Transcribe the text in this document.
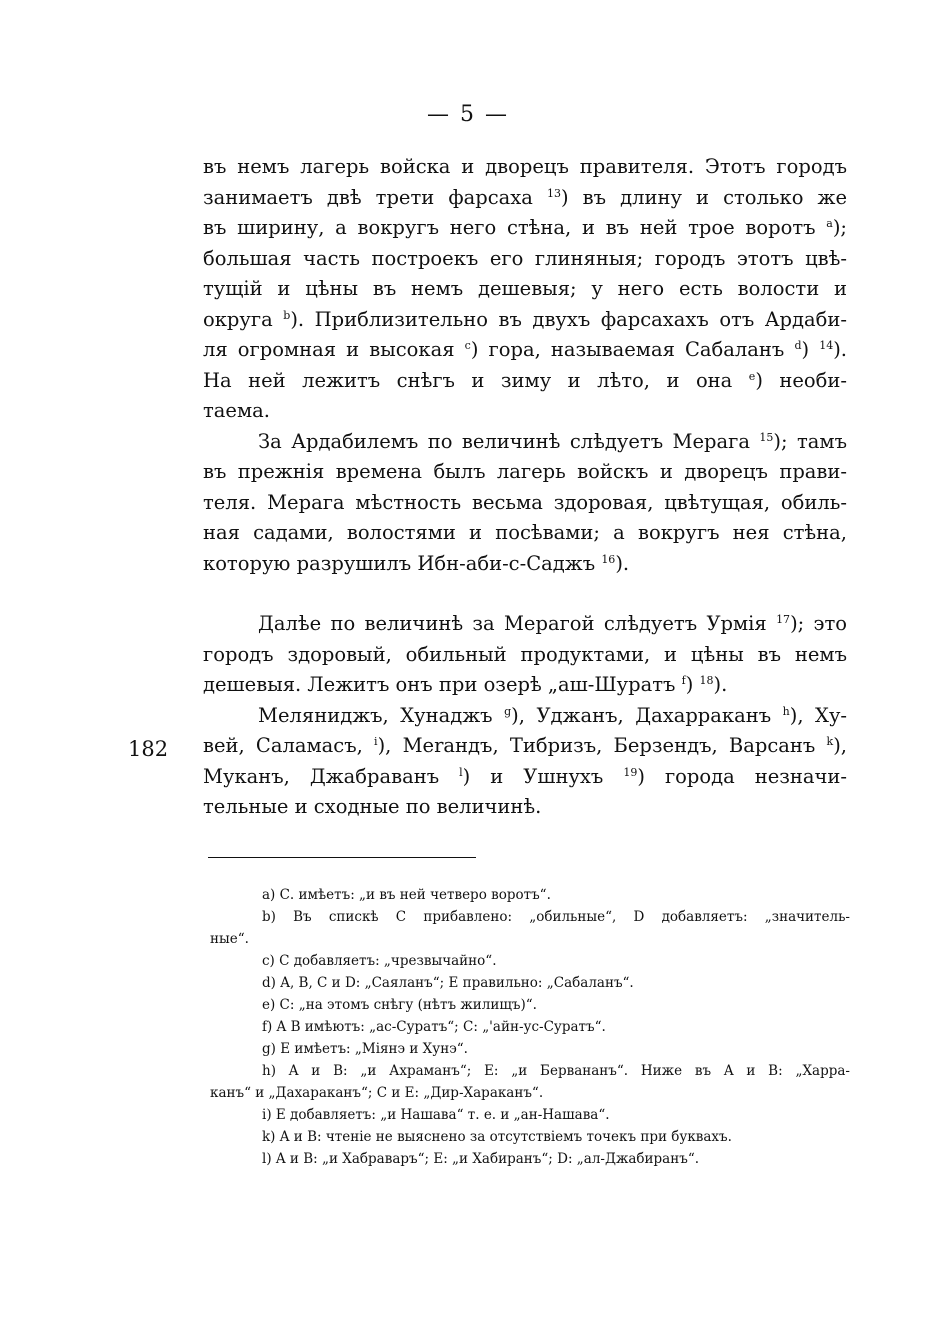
— 5 —
182
въ немъ лагерь войска и дворецъ правителя. Этотъ городъ
занимаетъ двѣ трети фарсаха $^{13}$) въ длину и столько же
въ ширину, а вокругъ него стѣна, и въ ней трое воротъ $^a$);
большая часть построекъ его глиняныя; городъ этотъ цвѣ-
тущій и цѣны въ немъ дешевыя; у него есть волости и
округа $^b$). Приблизительно въ двухъ фарсахахъ отъ Ардаби-
ля огромная и высокая $^c$) гора, называемая Сабаланъ $^d$) $^{14}$).
На ней лежитъ снѣгъ и зиму и лѣто, и она $^e$) необи-
таема.
За Ардабилемъ по величинѣ слѣдуетъ Мерага $^{15}$); тамъ
въ прежнія времена былъ лагерь войскъ и дворецъ прави-
теля. Мерага мѣстность весьма здоровая, цвѣтущая, обиль-
ная садами, волостями и посѣвами; а вокругъ нея стѣна,
которую разрушилъ Ибн-аби-с-Саджъ $^{16}$).
Далѣе по величинѣ за Мерагой слѣдуетъ Урмія $^{17}$); это
городъ здоровый, обильный продуктами, и цѣны въ немъ
дешевыя. Лежитъ онъ при озерѣ „аш-Шуратъ $^f$) $^{18}$).
Меляниджъ, Хунаджъ $^g$), Уджанъ, Дахарраканъ $^h$), Ху-
вей, Саламасъ, $^i$), Merандъ, Тибризъ, Берзендъ, Варсанъ $^k$),
Муканъ, Джабраванъ $^l$) и Ушнухъ $^{19}$) города незначи-
тельные и сходные по величинѣ.
a) С. имѣетъ: „и въ ней четверо воротъ“.
b) Въ спискѣ С прибавлено: „обильные“, D добавляетъ: „значитель-
ные“.
c) С добавляетъ: „чрезвычайно“.
d) A, B, C и D: „Саяланъ“; E правильно: „Сабаланъ“.
e) С: „на этомъ снѣгу (нѣтъ жилищъ)“.
f) A B имѣютъ: „ас-Суратъ“; С: „'айн-ус-Суратъ“.
g) E имѣетъ: „Міянэ и Хунэ“.
h) A и B: „и Ахраманъ“; E: „и Бервананъ“. Ниже въ A и B: „Харра-
канъ“ и „Дахараканъ“; С и E: „Дир-Хараканъ“.
i) E добавляетъ: „и Нашава“ т. е. и „ан-Нашава“.
k) A и B: чтеніе не выяснено за отсутствіемъ точекъ при буквахъ.
l) A и B: „и Хабраваръ“; E: „и Хабиранъ“; D: „ал-Джабиранъ“.
